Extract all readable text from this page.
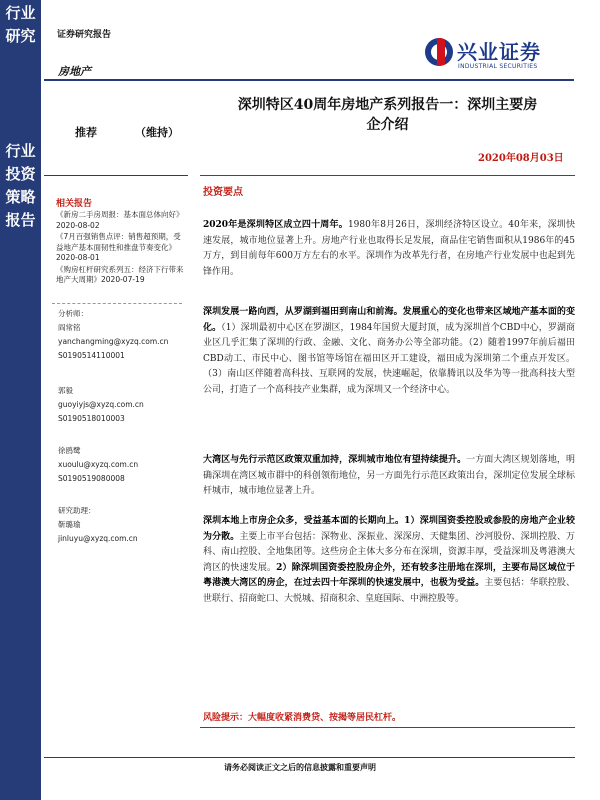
行业研究
行业投资策略报告
证券研究报告
兴业证券
INDUSTRIAL SECURITIES
房地产
深圳特区40周年房地产系列报告一：深圳主要房
企介绍
推荐	（维持）
2020年08月03日
投资要点
相关报告
《新房二手房周报：基本面总体向好》2020-08-02
《7月百强销售点评：销售超预期，受益地产基本面韧性和推盘节奏变化》2020-08-01
《购房杠杆研究系列五：经济下行带来地产大周期》2020-07-19
分析师：
阎常铭
yanchangming@xyzq.com.cn
S0190514110001
郭毅
guoyiyjs@xyzq.com.cn
S0190518010003
徐鸥鹭
xuoulu@xyzq.com.cn
S0190519080008
研究助理：
靳璐瑜
jinluyu@xyzq.com.cn
2020年是深圳特区成立四十周年。1980年8月26日，深圳经济特区设立。40年来，深圳快速发展，城市地位显著上升。房地产行业也取得长足发展，商品住宅销售面积从1986年的45万方，到目前每年600万方左右的水平。深圳作为改革先行者，在房地产行业发展中也起到先锋作用。
深圳发展一路向西，从罗湖到福田到南山和前海。发展重心的变化也带来区域地产基本面的变化。（1）深圳最初中心区在罗湖区，1984年国贸大厦封顶，成为深圳首个CBD中心，罗湖商业区几乎汇集了深圳的行政、金融、文化、商务办公等全部功能。（2）随着1997年前后福田CBD动工、市民中心、图书馆等场馆在福田区开工建设，福田成为深圳第二个重点开发区。（3）南山区伴随着高科技、互联网的发展，快速崛起，依靠腾讯以及华为等一批高科技大型公司，打造了一个高科技产业集群，成为深圳又一个经济中心。
大湾区与先行示范区政策双重加持，深圳城市地位有望持续提升。一方面大湾区规划落地，明确深圳在湾区城市群中的科创领衔地位，另一方面先行示范区政策出台，深圳定位发展全球标杆城市，城市地位显著上升。
深圳本地上市房企众多，受益基本面的长期向上。1）深圳国资委控股或参股的房地产企业较为分散。主要上市平台包括：深物业、深振业、深深房、天健集团、沙河股份、深圳控股、万科、南山控股、全地集团等。这些房企主体大多分布在深圳，资源丰厚，受益深圳及粤港澳大湾区的快速发展。2）除深圳国资委控股房企外，还有较多注册地在深圳，主要布局区域位于粤港澳大湾区的房企，在过去四十年深圳的快速发展中，也极为受益。主要包括：华联控股、世联行、招商蛇口、大悦城、招商积余、皇庭国际、中洲控股等。
风险提示：大幅度收紧消费贷、按揭等居民杠杆。
请务必阅读正文之后的信息披露和重要声明
